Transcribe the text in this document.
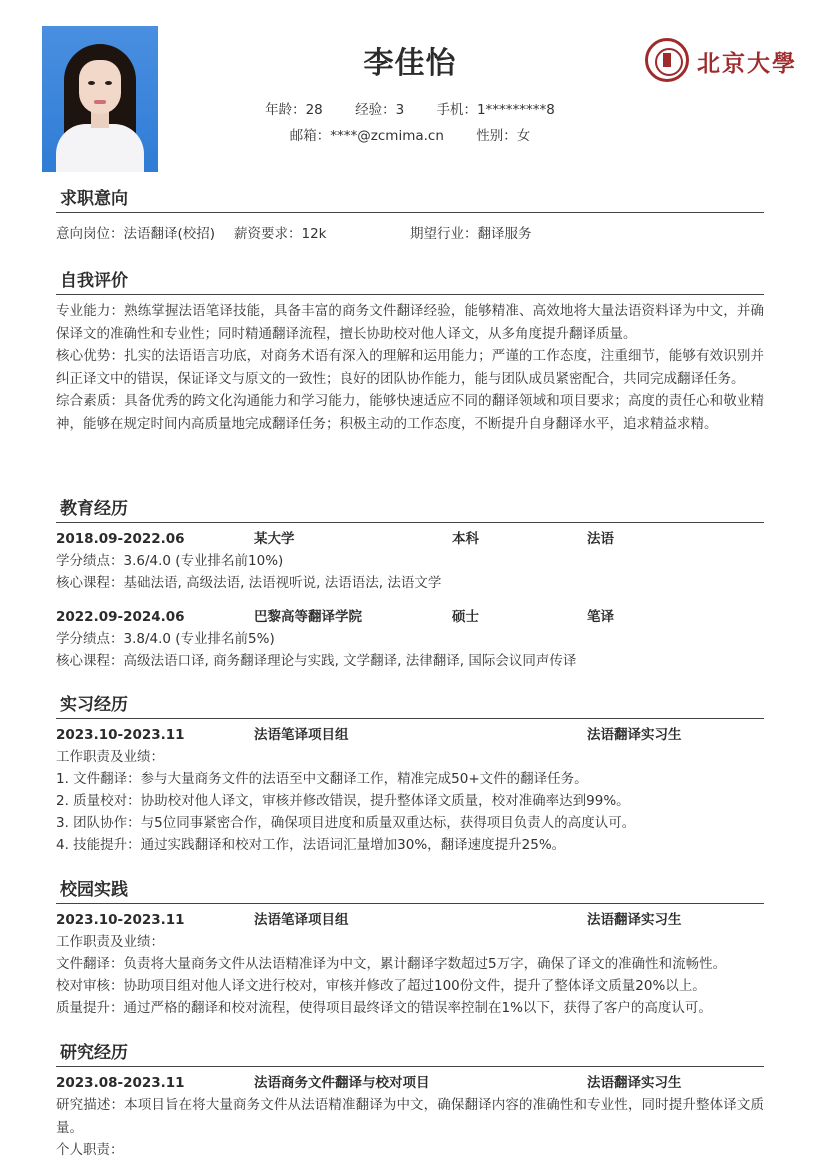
李佳怡
年龄：28 经验：3 手机：1*********8
邮箱：****@zcmima.cn 性别：女
北京大學
求职意向
意向岗位：法语翻译(校招) 薪资要求：12k	期望行业：翻译服务
自我评价
专业能力：熟练掌握法语笔译技能，具备丰富的商务文件翻译经验，能够精准、高效地将大量法语资料译为中文，并确保译文的准确性和专业性；同时精通翻译流程，擅长协助校对他人译文，从多角度提升翻译质量。
核心优势：扎实的法语语言功底，对商务术语有深入的理解和运用能力；严谨的工作态度，注重细节，能够有效识别并纠正译文中的错误，保证译文与原文的一致性；良好的团队协作能力，能与团队成员紧密配合，共同完成翻译任务。
综合素质：具备优秀的跨文化沟通能力和学习能力，能够快速适应不同的翻译领域和项目要求；高度的责任心和敬业精神，能够在规定时间内高质量地完成翻译任务；积极主动的工作态度，不断提升自身翻译水平，追求精益求精。
教育经历
2018.09-2022.06	某大学	本科	法语
学分绩点：3.6/4.0 (专业排名前10%)
核心课程：基础法语, 高级法语, 法语视听说, 法语语法, 法语文学
2022.09-2024.06	巴黎高等翻译学院	硕士	笔译
学分绩点：3.8/4.0 (专业排名前5%)
核心课程：高级法语口译, 商务翻译理论与实践, 文学翻译, 法律翻译, 国际会议同声传译
实习经历
2023.10-2023.11	法语笔译项目组	法语翻译实习生
工作职责及业绩：
1. 文件翻译：参与大量商务文件的法语至中文翻译工作，精准完成50+文件的翻译任务。
2. 质量校对：协助校对他人译文，审核并修改错误，提升整体译文质量，校对准确率达到99%。
3. 团队协作：与5位同事紧密合作，确保项目进度和质量双重达标，获得项目负责人的高度认可。
4. 技能提升：通过实践翻译和校对工作，法语词汇量增加30%，翻译速度提升25%。
校园实践
2023.10-2023.11	法语笔译项目组	法语翻译实习生
工作职责及业绩：
文件翻译：负责将大量商务文件从法语精准译为中文，累计翻译字数超过5万字，确保了译文的准确性和流畅性。
校对审核：协助项目组对他人译文进行校对，审核并修改了超过100份文件，提升了整体译文质量20%以上。
质量提升：通过严格的翻译和校对流程，使得项目最终译文的错误率控制在1%以下，获得了客户的高度认可。
研究经历
2023.08-2023.11	法语商务文件翻译与校对项目	法语翻译实习生
研究描述：本项目旨在将大量商务文件从法语精准翻译为中文，确保翻译内容的准确性和专业性，同时提升整体译文质量。
个人职责：
